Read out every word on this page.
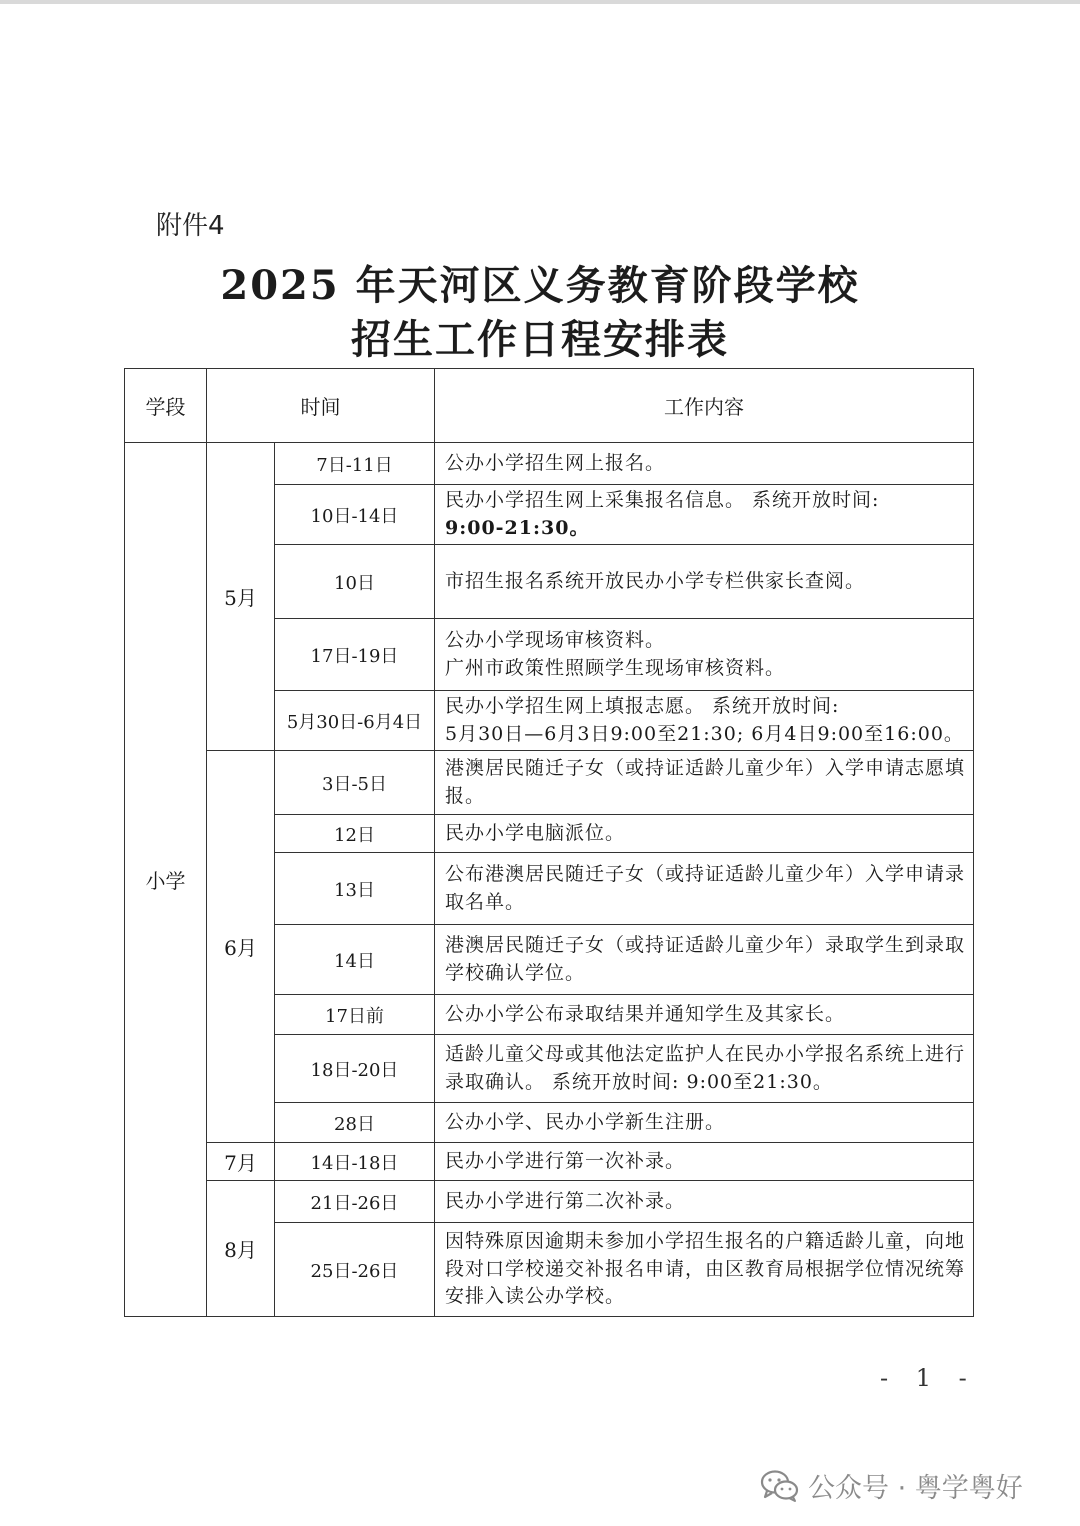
附件4
2025 年天河区义务教育阶段学校
招生工作日程安排表
学段	时间		工作内容
小学	5月	7日-11日	公办小学招生网上报名。

		10日-14日	民办小学招生网上采集报名信息。 系统开放时间:
9:00-21:30。

		10日	市招生报名系统开放民办小学专栏供家长查阅。

		17日-19日	公办小学现场审核资料。
广州市政策性照顾学生现场审核资料。

		5月30日-6月4日	民办小学招生网上填报志愿。 系统开放时间:
5月30日—6月3日9:00至21:30; 6月4日9:00至16:00。

	6月	3日-5日	港澳居民随迁子女（或持证适龄儿童少年）入学申请志愿填报。
		12日	民办小学电脑派位。
		13日	公布港澳居民随迁子女（或持证适龄儿童少年）入学申请录取名单。
		14日	港澳居民随迁子女（或持证适龄儿童少年）录取学生到录取学校确认学位。
		17日前	公办小学公布录取结果并通知学生及其家长。
		18日-20日	适龄儿童父母或其他法定监护人在民办小学报名系统上进行录取确认。 系统开放时间: 9:00至21:30。
		28日	公办小学、民办小学新生注册。
	7月	14日-18日	民办小学进行第一次补录。
	8月	21日-26日	民办小学进行第二次补录。
		25日-26日	因特殊原因逾期未参加小学招生报名的户籍适龄儿童，向地段对口学校递交补报名申请，由区教育局根据学位情况统筹安排入读公办学校。
- 1 -
公众号 · 粤学粤好
